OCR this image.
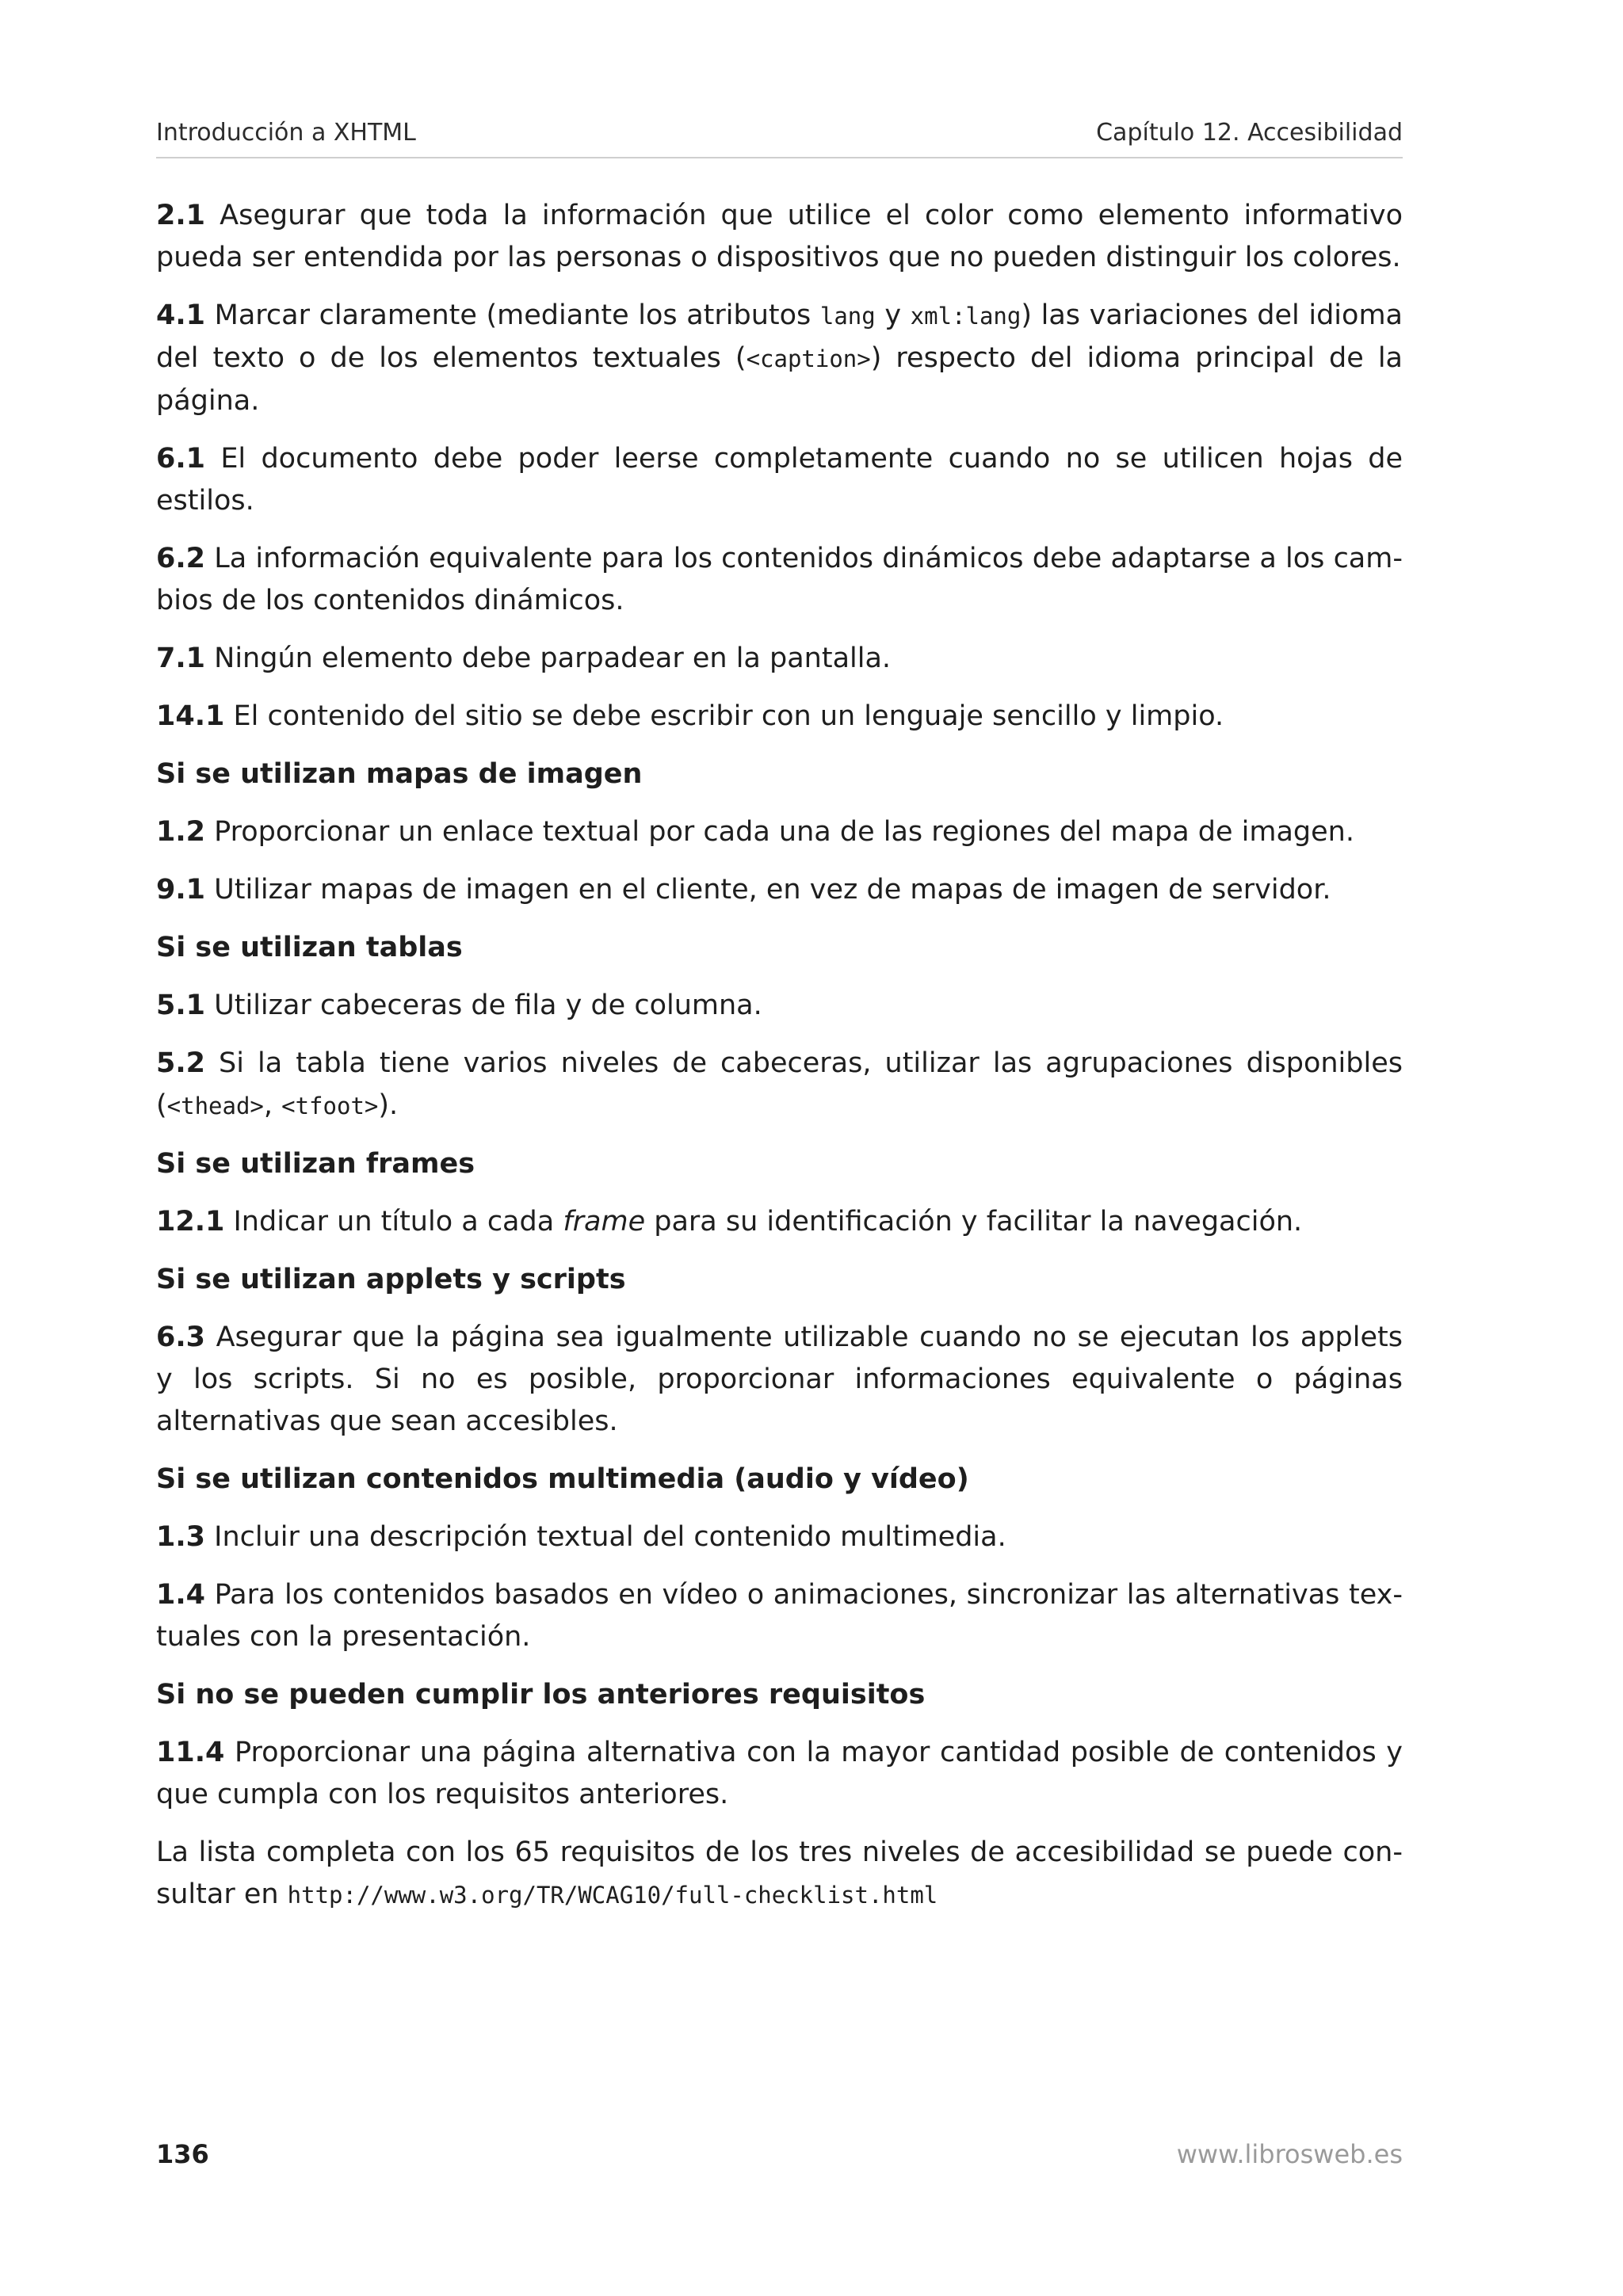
Introducción a XHTML	Capítulo 12. Accesibilidad

2.1 Asegurar que toda la información que utilice el color como elemento informativo pueda ser entendida por las personas o dispositivos que no pueden distinguir los colores.

4.1 Marcar claramente (mediante los atributos lang y xml:lang) las variaciones del idioma del texto o de los elementos textuales (<caption>) respecto del idioma principal de la página.

6.1 El documento debe poder leerse completamente cuando no se utilicen hojas de estilos.

6.2 La información equivalente para los contenidos dinámicos debe adaptarse a los cambios de los contenidos dinámicos.

7.1 Ningún elemento debe parpadear en la pantalla.

14.1 El contenido del sitio se debe escribir con un lenguaje sencillo y limpio.

Si se utilizan mapas de imagen

1.2 Proporcionar un enlace textual por cada una de las regiones del mapa de imagen.

9.1 Utilizar mapas de imagen en el cliente, en vez de mapas de imagen de servidor.

Si se utilizan tablas

5.1 Utilizar cabeceras de fila y de columna.

5.2 Si la tabla tiene varios niveles de cabeceras, utilizar las agrupaciones disponibles (<thead>, <tfoot>).

Si se utilizan frames

12.1 Indicar un título a cada frame para su identificación y facilitar la navegación.

Si se utilizan applets y scripts

6.3 Asegurar que la página sea igualmente utilizable cuando no se ejecutan los applets y los scripts. Si no es posible, proporcionar informaciones equivalente o páginas alternativas que sean accesibles.

Si se utilizan contenidos multimedia (audio y vídeo)

1.3 Incluir una descripción textual del contenido multimedia.

1.4 Para los contenidos basados en vídeo o animaciones, sincronizar las alternativas textuales con la presentación.

Si no se pueden cumplir los anteriores requisitos

11.4 Proporcionar una página alternativa con la mayor cantidad posible de contenidos y que cumpla con los requisitos anteriores.

La lista completa con los 65 requisitos de los tres niveles de accesibilidad se puede consultar en http://www.w3.org/TR/WCAG10/full-checklist.html

136	www.librosweb.es
